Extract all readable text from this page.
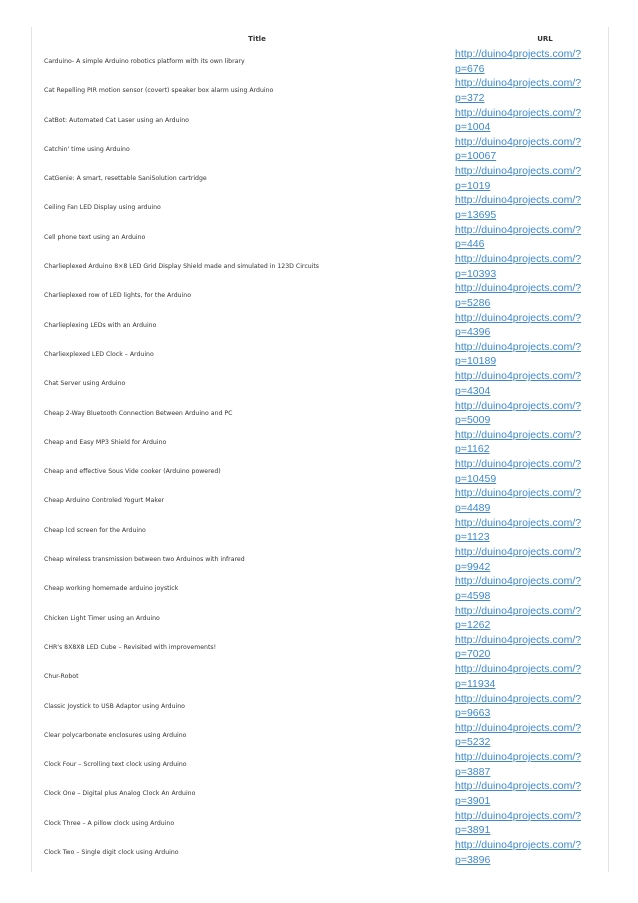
Title	URL
Carduino- A simple Arduino robotics platform with its own library
http://duino4projects.com/?
p=676
Cat Repelling PIR motion sensor (covert) speaker box alarm using Arduino
http://duino4projects.com/?
p=372
CatBot: Automated Cat Laser using an Arduino
http://duino4projects.com/?
p=1004
Catchin' time using Arduino
http://duino4projects.com/?
p=10067
CatGenie: A smart, resettable SaniSolution cartridge
http://duino4projects.com/?
p=1019
Ceiling Fan LED Display using arduino
http://duino4projects.com/?
p=13695
Cell phone text using an Arduino
http://duino4projects.com/?
p=446
Charlieplexed Arduino 8×8 LED Grid Display Shield made and simulated in 123D Circuits
http://duino4projects.com/?
p=10393
Charlieplexed row of LED lights, for the Arduino
http://duino4projects.com/?
p=5286
Charlieplexing LEDs with an Arduino
http://duino4projects.com/?
p=4396
Charliexplexed LED Clock – Arduino
http://duino4projects.com/?
p=10189
Chat Server using Arduino
http://duino4projects.com/?
p=4304
Cheap 2-Way Bluetooth Connection Between Arduino and PC
http://duino4projects.com/?
p=5009
Cheap and Easy MP3 Shield for Arduino
http://duino4projects.com/?
p=1162
Cheap and effective Sous Vide cooker (Arduino powered)
http://duino4projects.com/?
p=10459
Cheap Arduino Controled Yogurt Maker
http://duino4projects.com/?
p=4489
Cheap lcd screen for the Arduino
http://duino4projects.com/?
p=1123
Cheap wireless transmission between two Arduinos with infrared
http://duino4projects.com/?
p=9942
Cheap working homemade arduino joystick
http://duino4projects.com/?
p=4598
Chicken Light Timer using an Arduino
http://duino4projects.com/?
p=1262
CHR's 8X8X8 LED Cube – Revisited with improvements!
http://duino4projects.com/?
p=7020
Chur-Robot
http://duino4projects.com/?
p=11934
Classic Joystick to USB Adaptor using Arduino
http://duino4projects.com/?
p=9663
Clear polycarbonate enclosures using Arduino
http://duino4projects.com/?
p=5232
Clock Four – Scrolling text clock using Arduino
http://duino4projects.com/?
p=3887
Clock One – Digital plus Analog Clock An Arduino
http://duino4projects.com/?
p=3901
Clock Three – A pillow clock using Arduino
http://duino4projects.com/?
p=3891
Clock Two – Single digit clock using Arduino
http://duino4projects.com/?
p=3896
